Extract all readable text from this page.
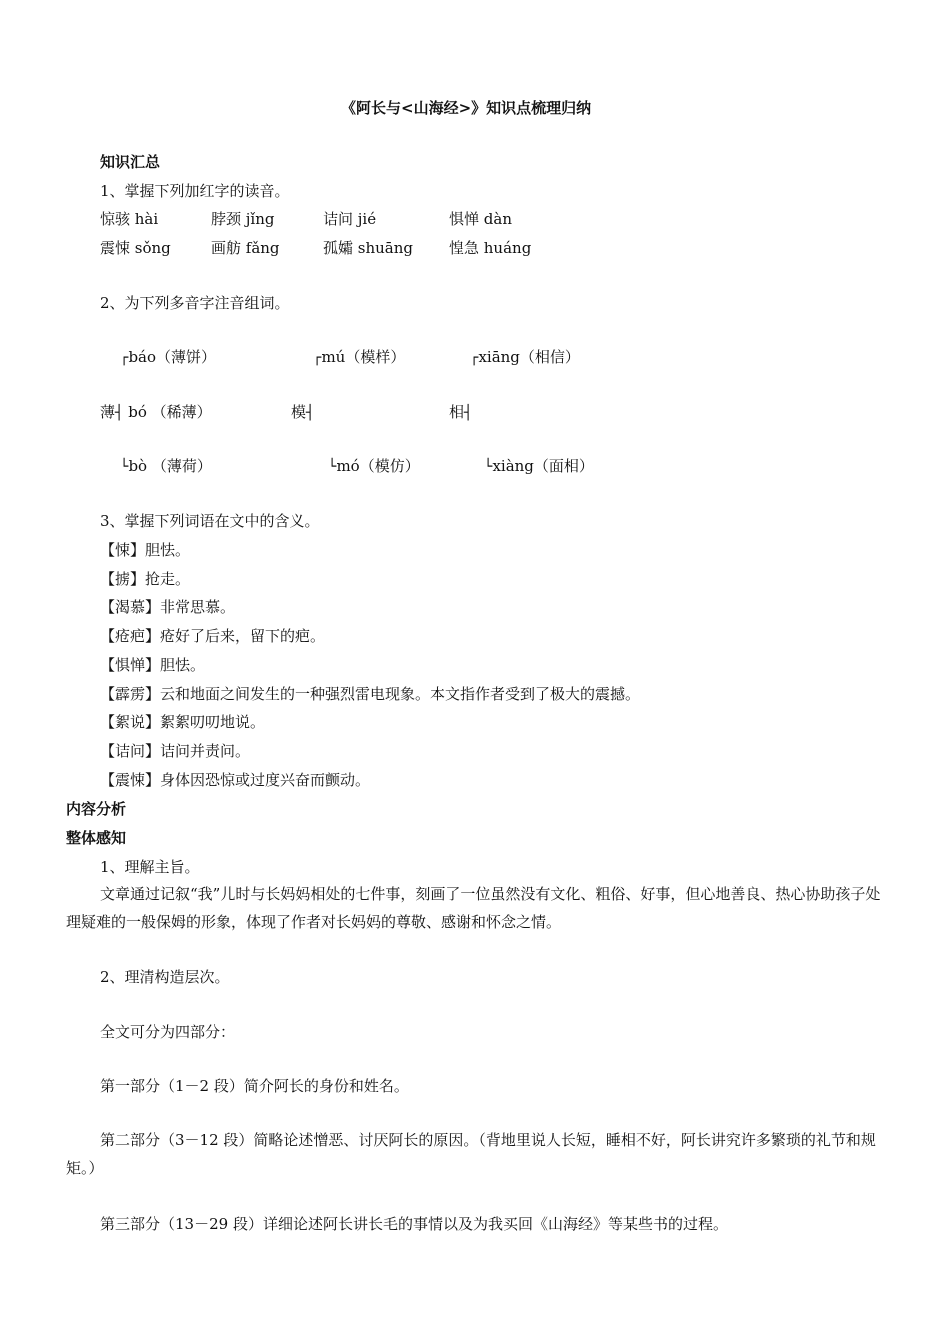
《阿长与<山海经>》知识点梳理归纳
知识汇总
1、掌握下列加红字的读音。
惊骇 hài	脖颈 jǐng	诘问 jié	惧惮 dàn
震悚 sǒng	画舫 fǎng	孤孀 shuāng 惶急 huáng
2、为下列多音字注音组词。
┌báo（薄饼）
薄┤ bó （稀薄）
└bò （薄荷）
┌mú（模样）
模┤
└mó（模仿）
┌xiāng（相信）
相┤
└xiàng（面相）
3、掌握下列词语在文中的含义。
【悚】胆怯。
【掳】抢走。
【渴慕】非常思慕。
【疮疤】疮好了后来，留下的疤。
【惧惮】胆怯。
【霹雳】云和地面之间发生的一种强烈雷电现象。本文指作者受到了极大的震撼。
【絮说】絮絮叨叨地说。
【诘问】诘问并责问。
【震悚】身体因恐惊或过度兴奋而颤动。
内容分析
整体感知
1、理解主旨。
文章通过记叙“我”儿时与长妈妈相处的七件事，刻画了一位虽然没有文化、粗俗、好事，但心地善良、热心协助孩子处理疑难的一般保姆的形象，体现了作者对长妈妈的尊敬、感谢和怀念之情。
2、理清构造层次。
全文可分为四部分：
第一部分（1－2 段）简介阿长的身份和姓名。
第二部分（3－12 段）简略论述憎恶、讨厌阿长的原因。（背地里说人长短，睡相不好，阿长讲究许多繁琐的礼节和规矩。）
第三部分（13－29 段）详细论述阿长讲长毛的事情以及为我买回《山海经》等某些书的过程。
